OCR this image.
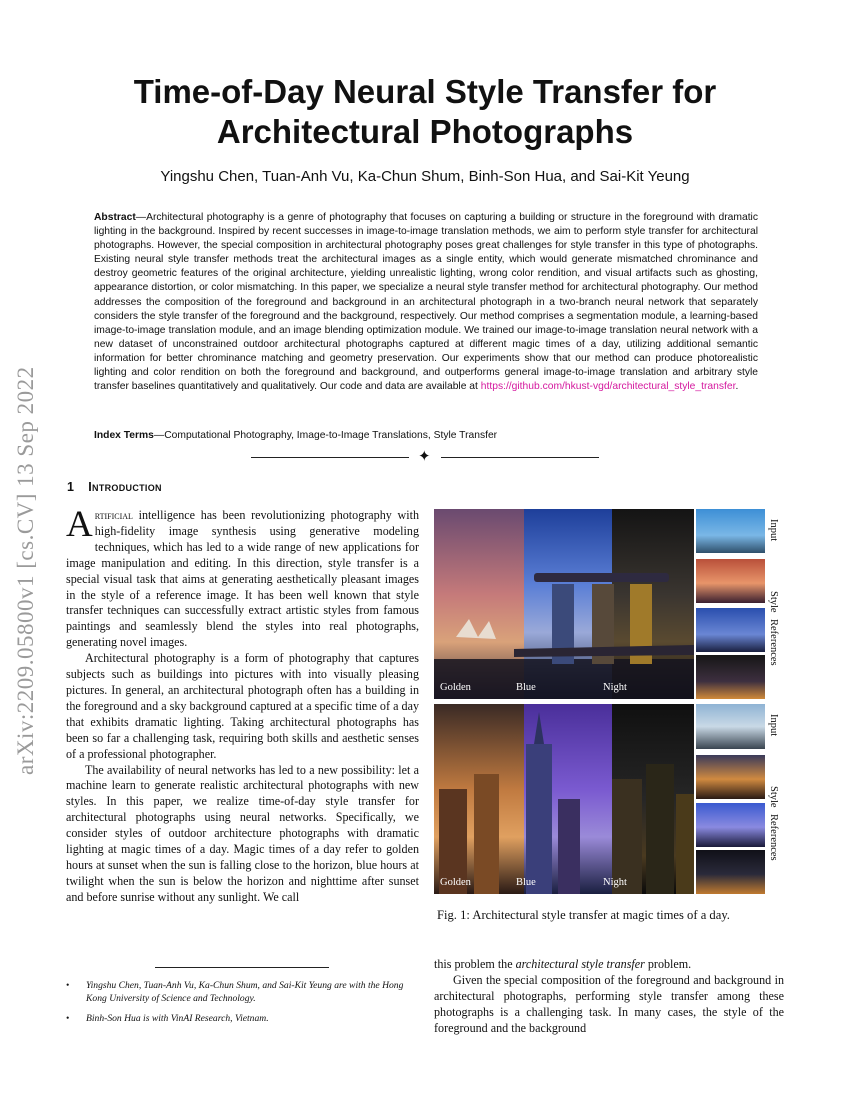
arXiv:2209.05800v1 [cs.CV] 13 Sep 2022
Time-of-Day Neural Style Transfer for Architectural Photographs
Yingshu Chen, Tuan-Anh Vu, Ka-Chun Shum, Binh-Son Hua, and Sai-Kit Yeung
Abstract—Architectural photography is a genre of photography that focuses on capturing a building or structure in the foreground with dramatic lighting in the background. Inspired by recent successes in image-to-image translation methods, we aim to perform style transfer for architectural photographs. However, the special composition in architectural photography poses great challenges for style transfer in this type of photographs. Existing neural style transfer methods treat the architectural images as a single entity, which would generate mismatched chrominance and destroy geometric features of the original architecture, yielding unrealistic lighting, wrong color rendition, and visual artifacts such as ghosting, appearance distortion, or color mismatching. In this paper, we specialize a neural style transfer method for architectural photography. Our method addresses the composition of the foreground and background in an architectural photograph in a two-branch neural network that separately considers the style transfer of the foreground and the background, respectively. Our method comprises a segmentation module, a learning-based image-to-image translation module, and an image blending optimization module. We trained our image-to-image translation neural network with a new dataset of unconstrained outdoor architectural photographs captured at different magic times of a day, utilizing additional semantic information for better chrominance matching and geometry preservation. Our experiments show that our method can produce photorealistic lighting and color rendition on both the foreground and background, and outperforms general image-to-image translation and arbitrary style transfer baselines quantitatively and qualitatively. Our code and data are available at https://github.com/hkust-vgd/architectural_style_transfer.
Index Terms—Computational Photography, Image-to-Image Translations, Style Transfer
✦
1 Introduction

Artificial intelligence has been revolutionizing photography with high-fidelity image synthesis using generative modeling techniques, which has led to a wide range of new applications for image manipulation and editing. In this direction, style transfer is a special visual task that aims at generating aesthetically pleasant images in the style of a reference image. It has been well known that style transfer techniques can successfully extract artistic styles from famous paintings and seamlessly blend the styles into real photographs, generating novel images.

Architectural photography is a form of photography that captures subjects such as buildings into pictures with into visually pleasing pictures. In general, an architectural photograph often has a building in the foreground and a sky background captured at a specific time of a day that exhibits dramatic lighting. Taking architectural photographs has been so far a challenging task, requiring both skills and aesthetic senses of a professional photographer.

The availability of neural networks has led to a new possibility: let a machine learn to generate realistic architectural photographs with new styles. In this paper, we realize time-of-day style transfer for architectural photographs using neural networks. Specifically, we consider styles of outdoor architecture photographs with dramatic lighting at magic times of a day. Magic times of a day refer to golden hours at sunset when the sun is falling close to the horizon, blue hours at twilight when the sun is below the horizon and nighttime after sunset and before sunrise without any sunlight. We call

• Yingshu Chen, Tuan-Anh Vu, Ka-Chun Shum, and Sai-Kit Yeung are with the Hong Kong University of Science and Technology.
• Binh-Son Hua is with VinAI Research, Vietnam.
Golden	Blue	Night
Input
Style
References
Golden	Blue	Night
Input
Style
References
Fig. 1: Architectural style transfer at magic times of a day.

this problem the architectural style transfer problem.

Given the special composition of the foreground and background in architectural photographs, performing style transfer among these photographs is a challenging task. In many cases, the style of the foreground and the background
